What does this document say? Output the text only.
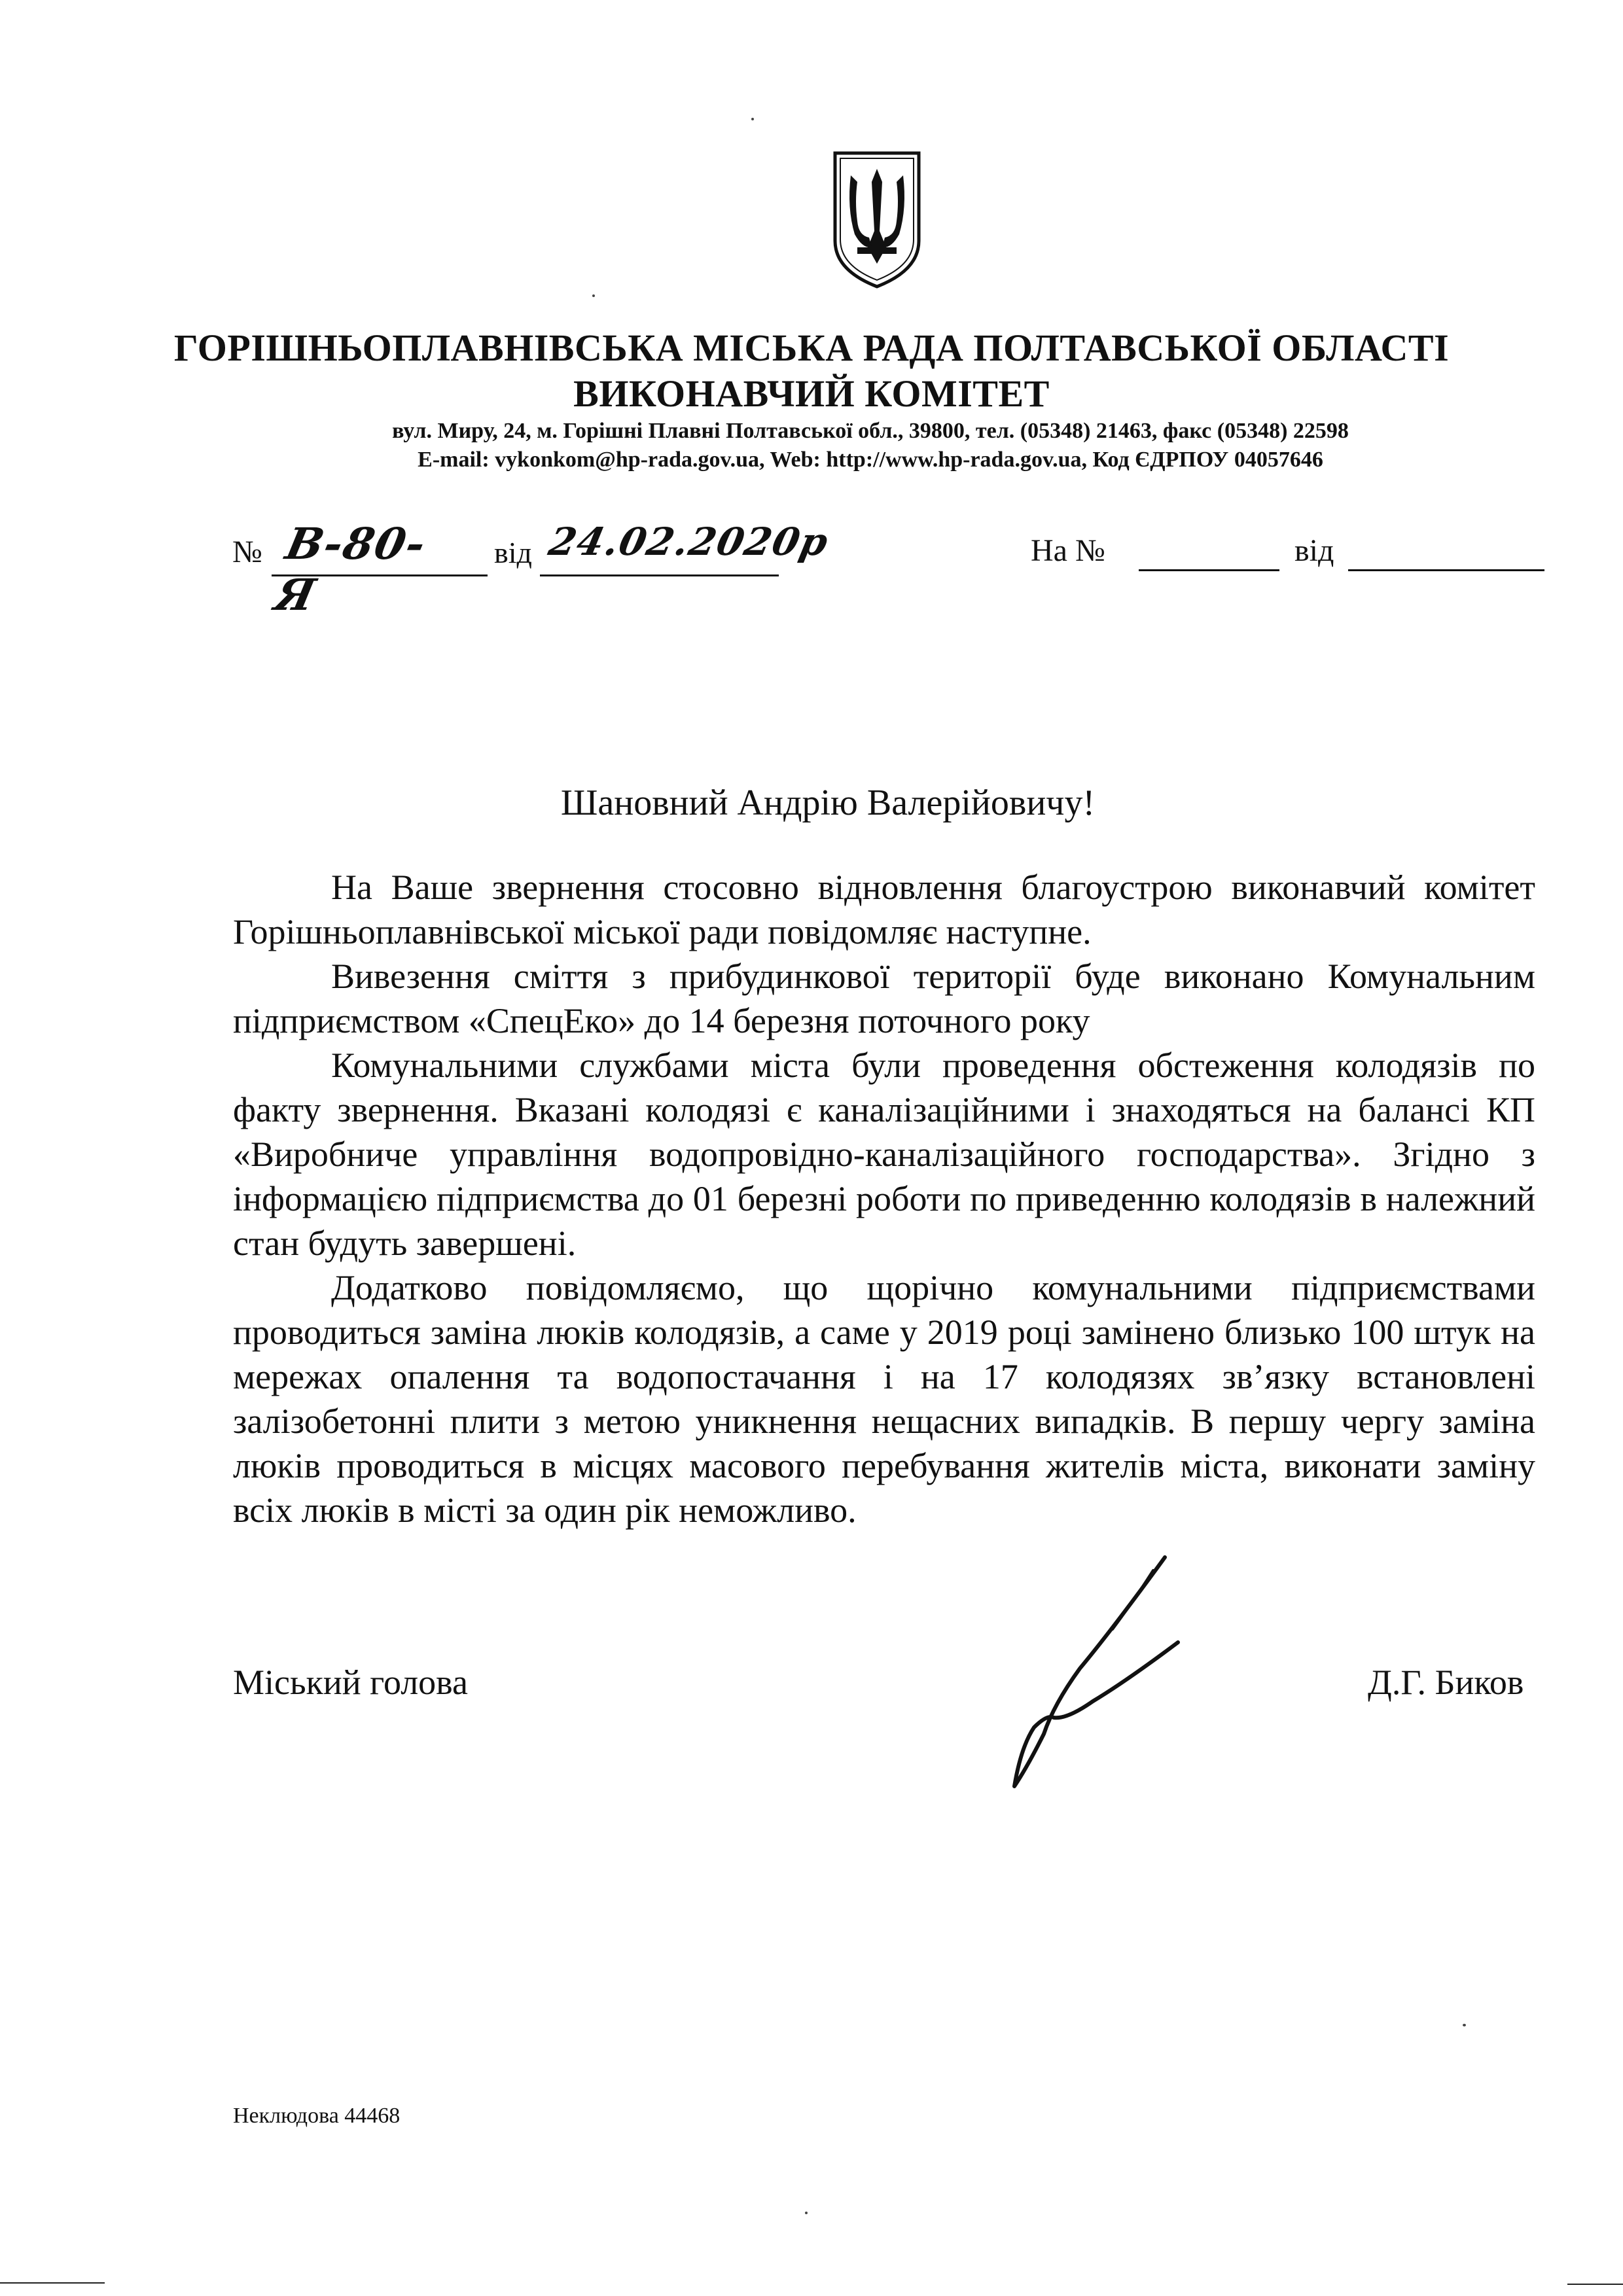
ГОРІШНЬОПЛАВНІВСЬКА МІСЬКА РАДА ПОЛТАВСЬКОЇ ОБЛАСТІ
ВИКОНАВЧИЙ КОМІТЕТ
вул. Миру, 24, м. Горішні Плавні Полтавської обл., 39800, тел. (05348) 21463, факс (05348) 22598
E-mail: vykonkom@hp-rada.gov.ua, Web: http://www.hp-rada.gov.ua, Код ЄДРПОУ 04057646
№ В-80-Я
від 24.02.2020р	На №	від
Шановний Андрію Валерійовичу!

На Ваше звернення стосовно відновлення благоустрою виконавчий комітет Горішньоплавнівської міської ради повідомляє наступне.

Вивезення сміття з прибудинкової території буде виконано Комунальним підприємством «СпецЕко» до 14 березня поточного року

Комунальними службами міста були проведення обстеження колодязів по факту звернення. Вказані колодязі є каналізаційними і знаходяться на балансі КП «Виробниче управління водопровідно-каналізаційного господарства». Згідно з інформацією підприємства до 01 березні роботи по приведенню колодязів в належний стан будуть завершені.

Додатково повідомляємо, що щорічно комунальними підприємствами проводиться заміна люків колодязів, а саме у 2019 році замінено близько 100 штук на мережах опалення та водопостачання і на 17 колодязях зв’язку встановлені залізобетонні плити з метою уникнення нещасних випадків. В першу чергу заміна люків проводиться в місцях масового перебування жителів міста, виконати заміну всіх люків в місті за один рік неможливо.

Міський голова	Д.Г. Биков
Неклюдова 44468
